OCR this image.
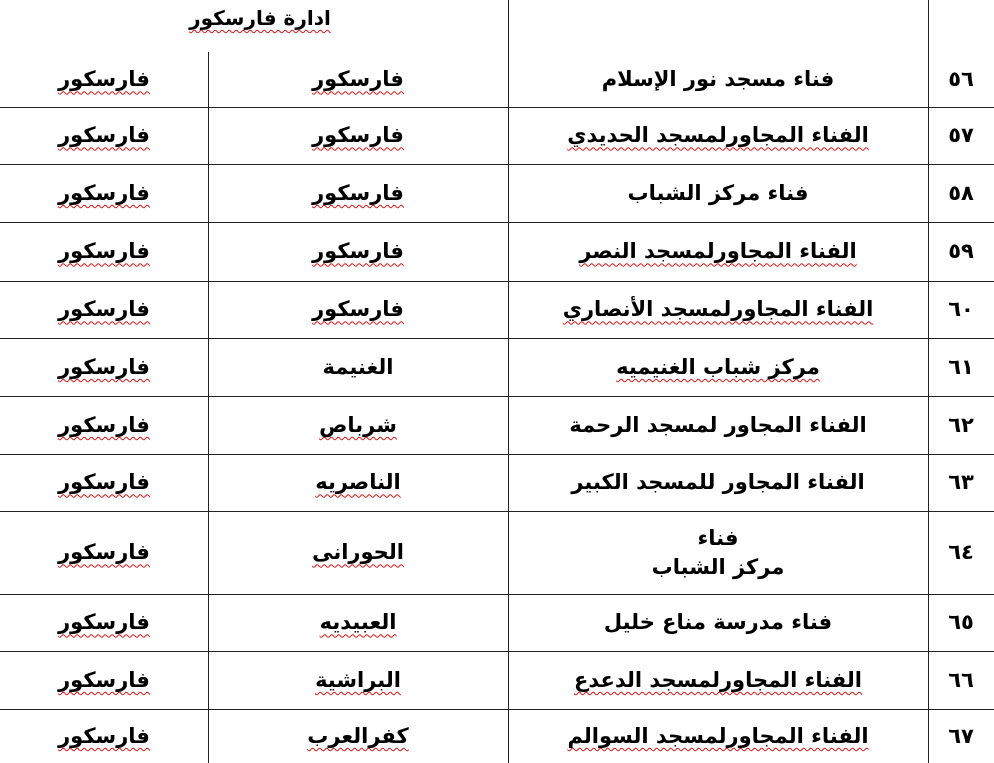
ادارة فارسكور
٥٦
فناء مسجد نور الإسلام
فارسكور
فارسكور
٥٧
الفناء المجاورلمسجد الحديدي
فارسكور
فارسكور
٥٨
فناء مركز الشباب
فارسكور
فارسكور
٥٩
الفناء المجاورلمسجد النصر
فارسكور
فارسكور
٦٠
الفناء المجاورلمسجد الأنصاري
فارسكور
فارسكور
٦١
مركز شباب الغنيميه
الغنيمة
فارسكور
٦٢
الفناء المجاور لمسجد الرحمة
شرباص
فارسكور
٦٣
الفناء المجاور للمسجد الكبير
الناصريه
فارسكور
٦٤
فناء
مركز الشباب
الحورانى
فارسكور
٦٥
فناء مدرسة مناع خليل
العبيديه
فارسكور
٦٦
الفناء المجاورلمسجد الدعدع
البراشية
فارسكور
٦٧
الفناء المجاورلمسجد السوالم
كفرالعرب
فارسكور
